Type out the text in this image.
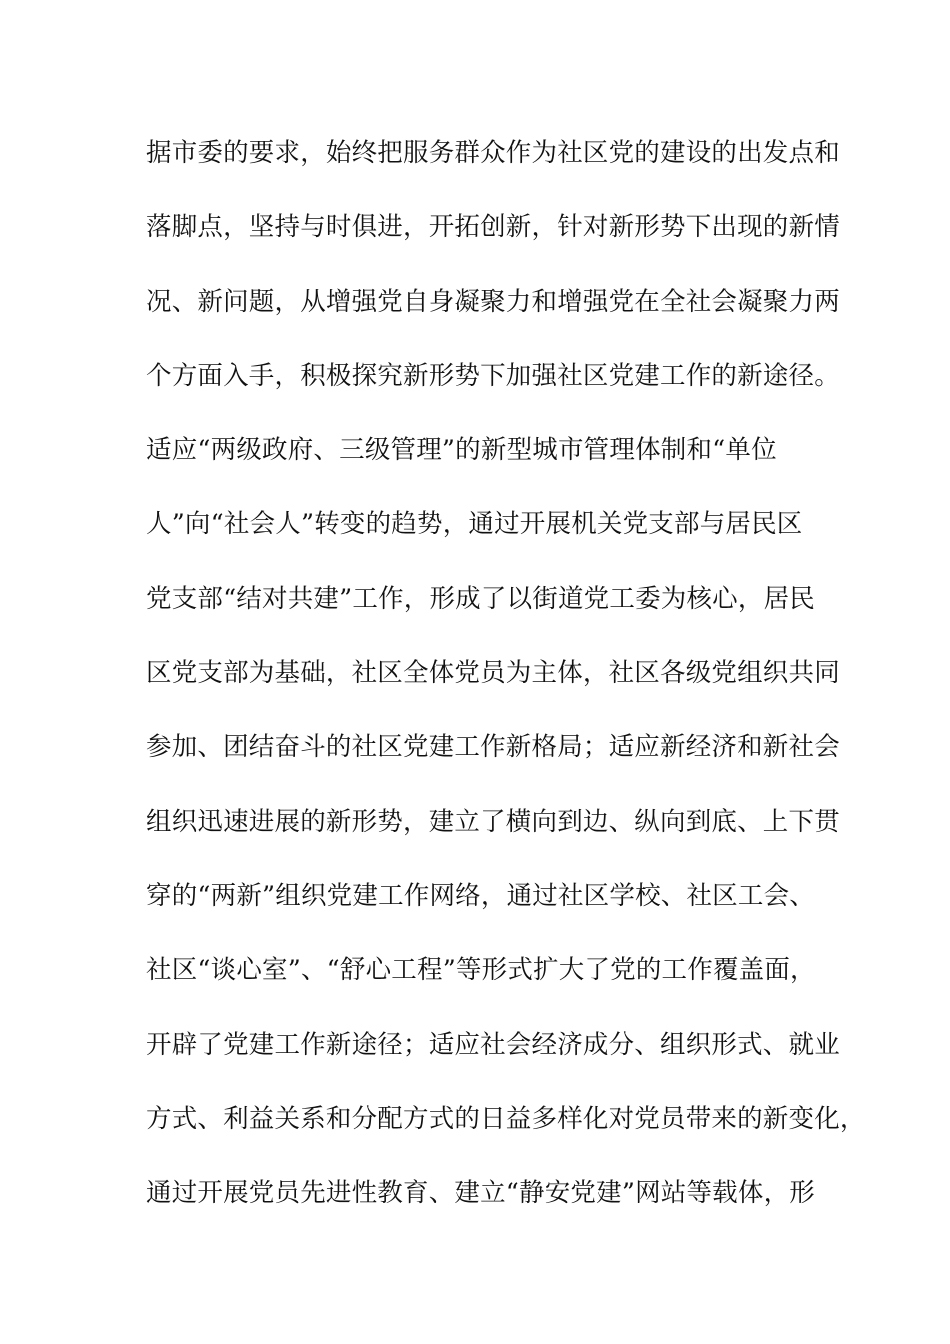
据市委的要求，始终把服务群众作为社区党的建设的出发点和
落脚点，坚持与时俱进，开拓创新，针对新形势下出现的新情
况、新问题，从增强党自身凝聚力和增强党在全社会凝聚力两
个方面入手，积极探究新形势下加强社区党建工作的新途径。
适应“两级政府、三级管理”的新型城市管理体制和“单位
人”向“社会人”转变的趋势，通过开展机关党支部与居民区
党支部“结对共建”工作，形成了以街道党工委为核心，居民
区党支部为基础，社区全体党员为主体，社区各级党组织共同
参加、团结奋斗的社区党建工作新格局；适应新经济和新社会
组织迅速进展的新形势，建立了横向到边、纵向到底、上下贯
穿的“两新”组织党建工作网络，通过社区学校、社区工会、
社区“谈心室”、“舒心工程”等形式扩大了党的工作覆盖面，
开辟了党建工作新途径；适应社会经济成分、组织形式、就业
方式、利益关系和分配方式的日益多样化对党员带来的新变化，
通过开展党员先进性教育、建立“静安党建”网站等载体，形
